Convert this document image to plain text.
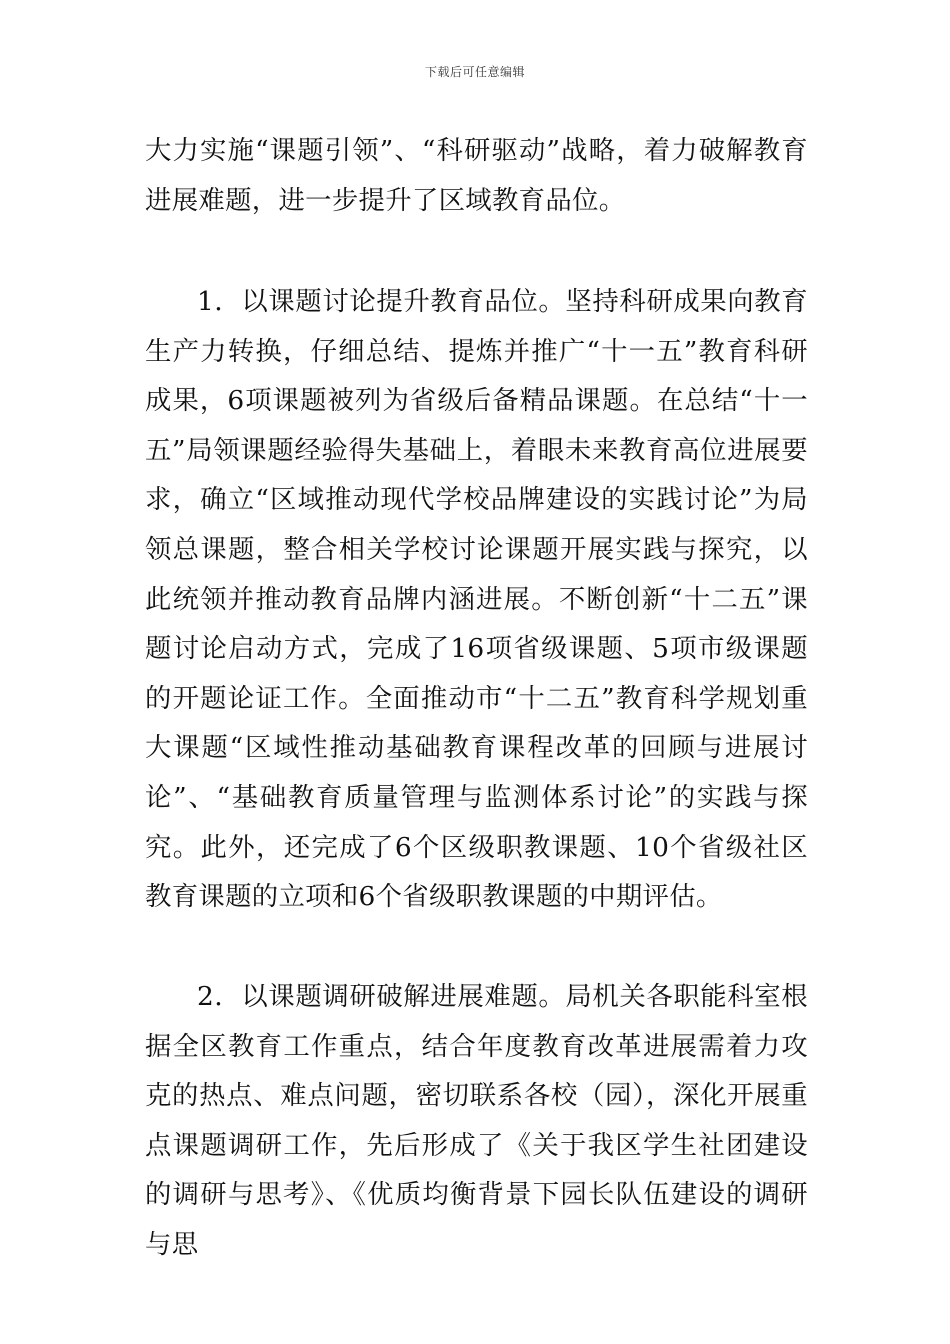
下载后可任意编辑

大力实施“课题引领”、“科研驱动”战略，着力破解教育进展难题，进一步提升了区域教育品位。

1．以课题讨论提升教育品位。坚持科研成果向教育生产力转换，仔细总结、提炼并推广“十一五”教育科研成果，6项课题被列为省级后备精品课题。在总结“十一五”局领课题经验得失基础上，着眼未来教育高位进展要求，确立“区域推动现代学校品牌建设的实践讨论”为局领总课题，整合相关学校讨论课题开展实践与探究，以此统领并推动教育品牌内涵进展。不断创新“十二五”课题讨论启动方式，完成了16项省级课题、5项市级课题的开题论证工作。全面推动市“十二五”教育科学规划重大课题“区域性推动基础教育课程改革的回顾与进展讨论”、“基础教育质量管理与监测体系讨论”的实践与探究。此外，还完成了6个区级职教课题、10个省级社区教育课题的立项和6个省级职教课题的中期评估。

2．以课题调研破解进展难题。局机关各职能科室根据全区教育工作重点，结合年度教育改革进展需着力攻克的热点、难点问题，密切联系各校（园），深化开展重点课题调研工作，先后形成了《关于我区学生社团建设的调研与思考》、《优质均衡背景下园长队伍建设的调研与思
